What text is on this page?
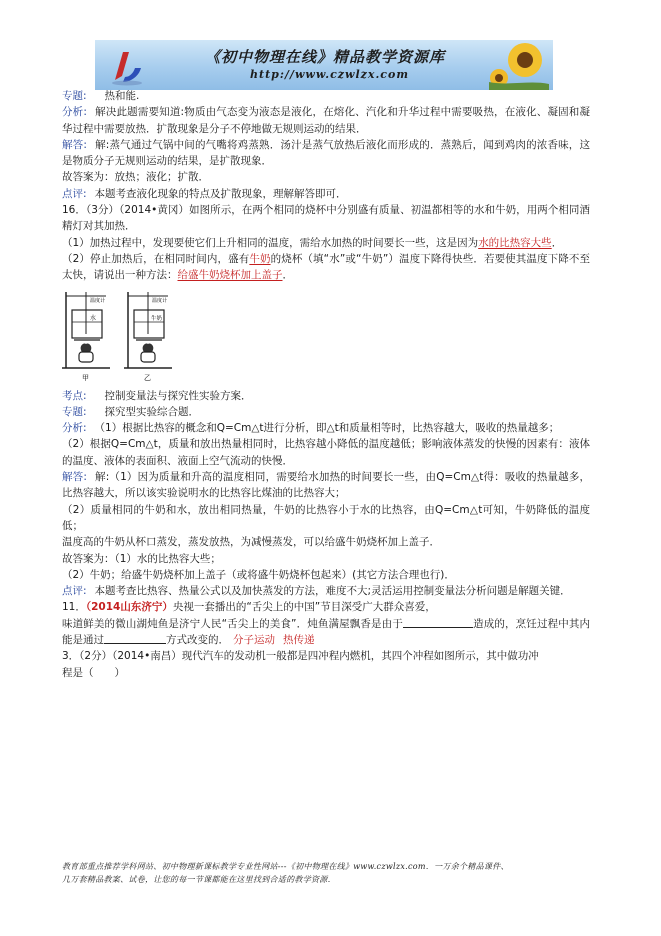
《初中物理在线》精品教学资源库
http://www.czwlzx.com

专题: 热和能.

分析: 解决此题需要知道:物质由气态变为液态是液化，在熔化、汽化和升华过程中需要吸热，在液化、凝固和凝华过程中需要放热．扩散现象是分子不停地做无规则运动的结果．

解答: 解:蒸气通过气锅中间的气嘴将鸡蒸熟．汤汁是蒸气放热后液化而形成的．蒸熟后，闻到鸡肉的浓香味，这是物质分子无规则运动的结果，是扩散现象．

故答案为：放热；液化；扩散．

点评: 本题考查液化现象的特点及扩散现象，理解解答即可．

16．（3分）（2014•黄冈）如图所示，在两个相同的烧杯中分别盛有质量、初温都相等的水和牛奶，用两个相同酒精灯对其加热．

（1）加热过程中，发现要使它们上升相同的温度，需给水加热的时间要长一些，这是因为水的比热容大些．

（2）停止加热后，在相同时间内，盛有牛奶的烧杯（填“水”或“牛奶”）温度下降得快些．若要使其温度下降不至太快，请说出一种方法：给盛牛奶烧杯加上盖子．

温度计
水
甲
温度计
牛奶
乙

考点: 控制变量法与探究性实验方案．

专题: 探究型实验综合题．

分析: （1）根据比热容的概念和Q=Cm△t进行分析，即△t和质量相等时，比热容越大，吸收的热量越多；

（2）根据Q=Cm△t，质量和放出热量相同时，比热容越小降低的温度越低；影响液体蒸发的快慢的因素有：液体的温度、液体的表面积、液面上空气流动的快慢．

解答: 解:（1）因为质量和升高的温度相同，需要给水加热的时间要长一些，由Q=Cm△t得：吸收的热量越多，比热容越大，所以该实验说明水的比热容比煤油的比热容大；

（2）质量相同的牛奶和水，放出相同热量，牛奶的比热容小于水的比热容，由Q=Cm△t可知，牛奶降低的温度低；

温度高的牛奶从杯口蒸发，蒸发放热，为减慢蒸发，可以给盛牛奶烧杯加上盖子．

故答案为：（1）水的比热容大些；

（2）牛奶；给盛牛奶烧杯加上盖子（或将盛牛奶烧杯包起来）(其它方法合理也行)．

点评: 本题考查比热容、热量公式以及加快蒸发的方法，难度不大;灵活运用控制变量法分析问题是解题关键．

11．（2014山东济宁）央视一套播出的“舌尖上的中国”节目深受广大群众喜爱，

味道鲜美的微山湖炖鱼是济宁人民“舌尖上的美食”．炖鱼满屋飘香是由于	造成的，烹饪过程中其内能是通过	方式改变的． 分子运动 热传递

3．（2分）（2014•南昌）现代汽车的发动机一般都是四冲程内燃机，其四个冲程如图所示，其中做功冲

程是（　　）

教育部重点推荐学科网站、初中物理新课标教学专业性网站---《初中物理在线》www.czwlzx.com．一万余个精品课件、
几万套精品教案、试卷，让您的每一节课都能在这里找到合适的教学资源．
